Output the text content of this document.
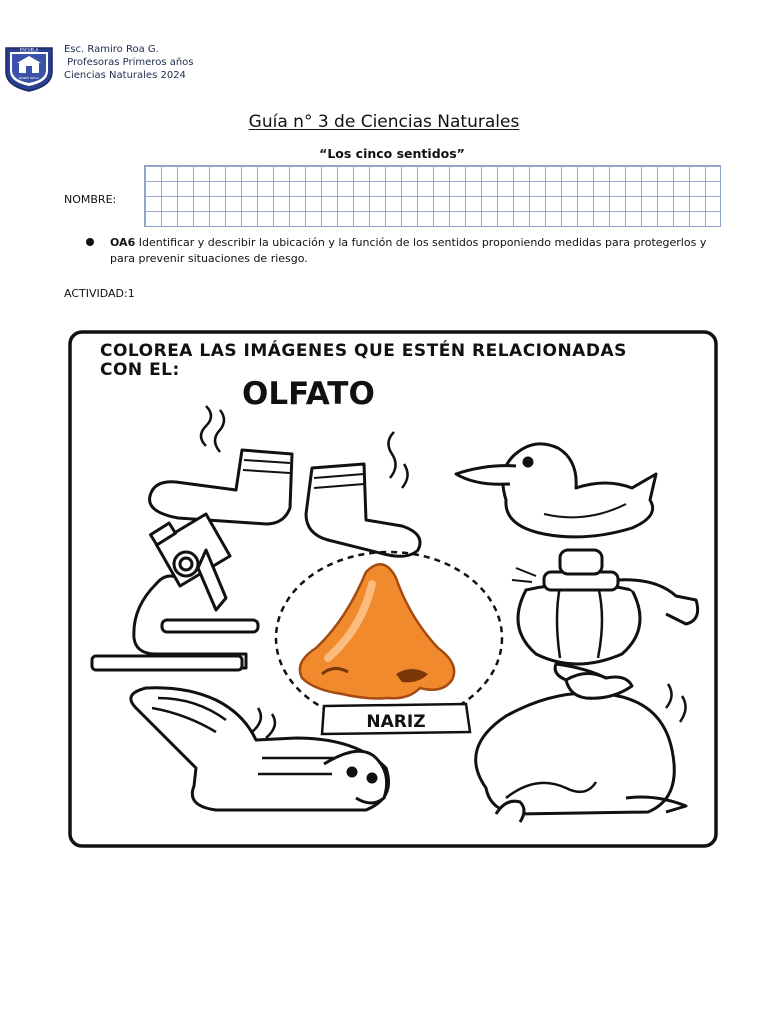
ESCUELA
RAMIRO ROA G.
Esc. Ramiro Roa G.
Profesoras Primeros años
Ciencias Naturales 2024
Guía n° 3 de Ciencias Naturales
“Los cinco sentidos”
NOMBRE:
OA6 Identificar y describir la ubicación y la función de los sentidos proponiendo medidas para protegerlos y para prevenir situaciones de riesgo.
ACTIVIDAD:1
COLOREA LAS IMÁGENES QUE ESTÉN RELACIONADAS
CON EL:
OLFATO
NARIZ
